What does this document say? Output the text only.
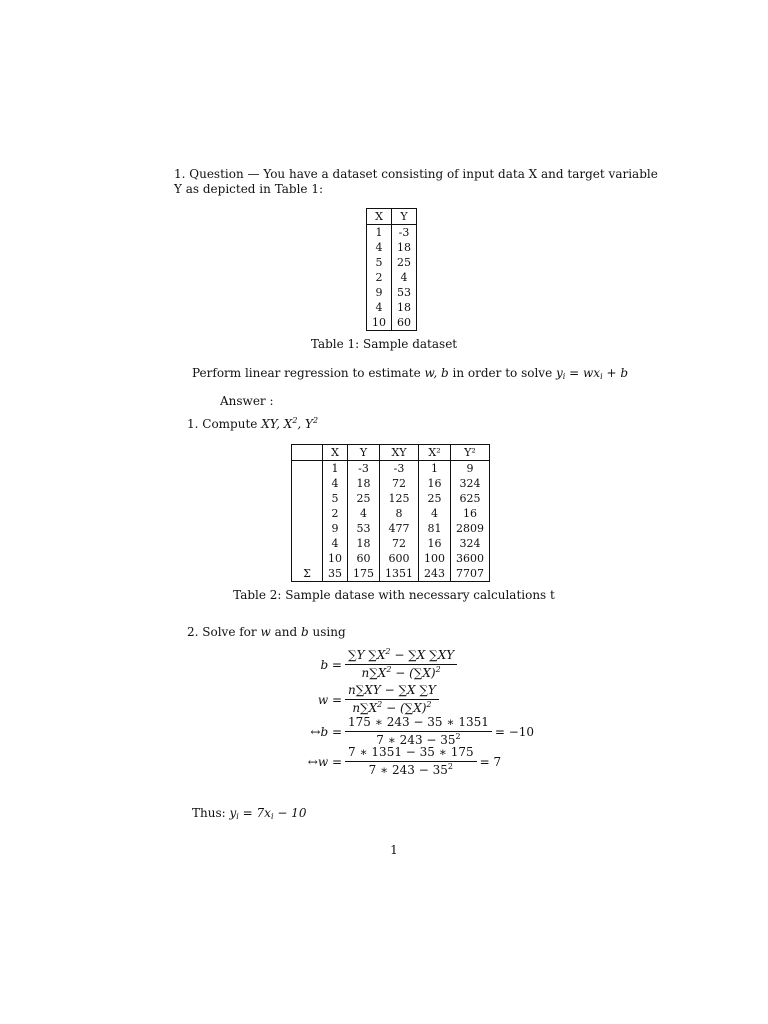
1. Question — You have a dataset consisting of input data X and target variable
Y as depicted in Table 1:
X	Y
1	-3
4	18
5	25
2	4
9	53
4	18
10	60
Table 1: Sample dataset
Perform linear regression to estimate w, b in order to solve $y_i = wx_i + b$
Answer :
1. Compute XY, $X^2$, $Y^2$
	X	Y	XY	X²	Y²
	1	-3	-3	1	9
	4	18	72	16	324
	5	25	125	25	625
	2	4	8	4	16
	9	53	477	81	2809
	4	18	72	16	324
	10	60	600	100	3600
Σ	35	175	1351	243	7707
Table 2: Sample datase with necessary calculations t
2. Solve for w and b using
$b = \frac{\sum Y \sum X^2 - \sum X \sum XY}{n\sum X^2 - (\sum X)^2}$
$w = \frac{n\sum XY - \sum X \sum Y}{n\sum X^2 - (\sum X)^2}$
↔b = $\frac{175 ∗ 243 - 35 ∗ 1351}{7 ∗ 243 - 35^2} = -10$
↔w = $\frac{7 ∗ 1351 - 35 ∗ 175}{7 ∗ 243 - 35^2} = 7$
Thus: $y_i = 7x_i - 10$
1
